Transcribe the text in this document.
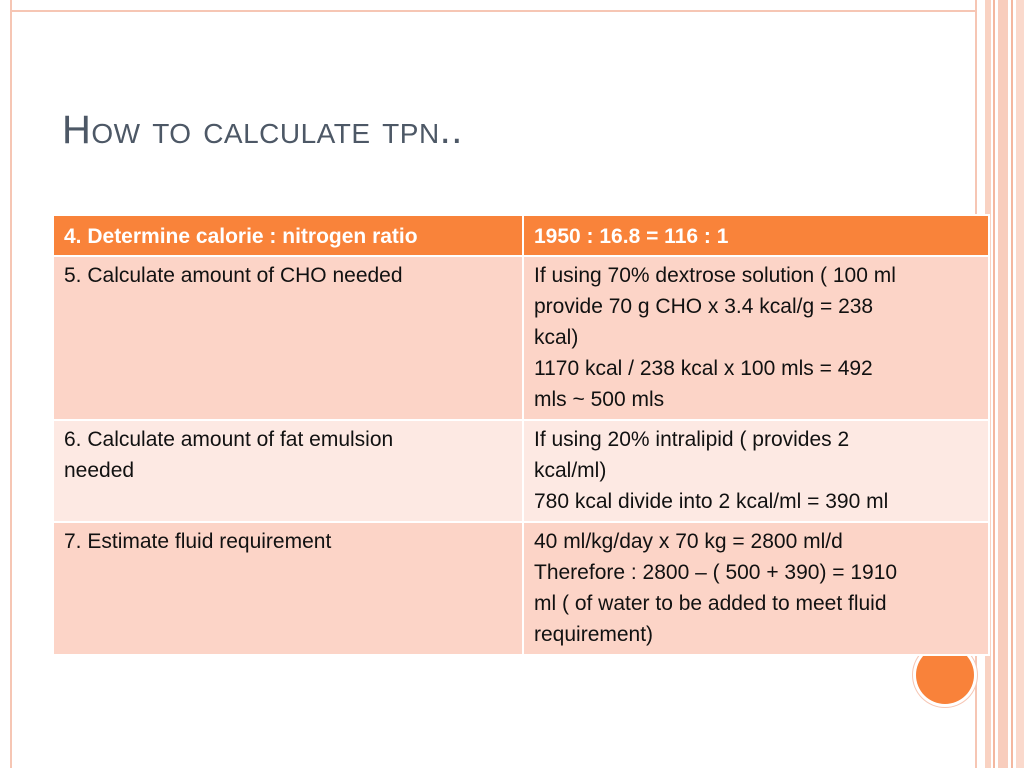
How to calculate tpn..
4. Determine calorie : nitrogen ratio	1950 : 16.8 = 116 : 1
5. Calculate amount of CHO needed	If using 70% dextrose solution ( 100 ml
provide 70 g CHO x 3.4 kcal/g = 238
kcal)
1170 kcal / 238 kcal x 100 mls = 492
mls ~ 500 mls

6. Calculate amount of fat emulsion
needed	If using 20% intralipid ( provides 2
kcal/ml)
780 kcal divide into 2 kcal/ml = 390 ml

7. Estimate fluid requirement	40 ml/kg/day x 70 kg = 2800 ml/d
Therefore : 2800 – ( 500 + 390) = 1910
ml ( of water to be added to meet fluid
requirement)
